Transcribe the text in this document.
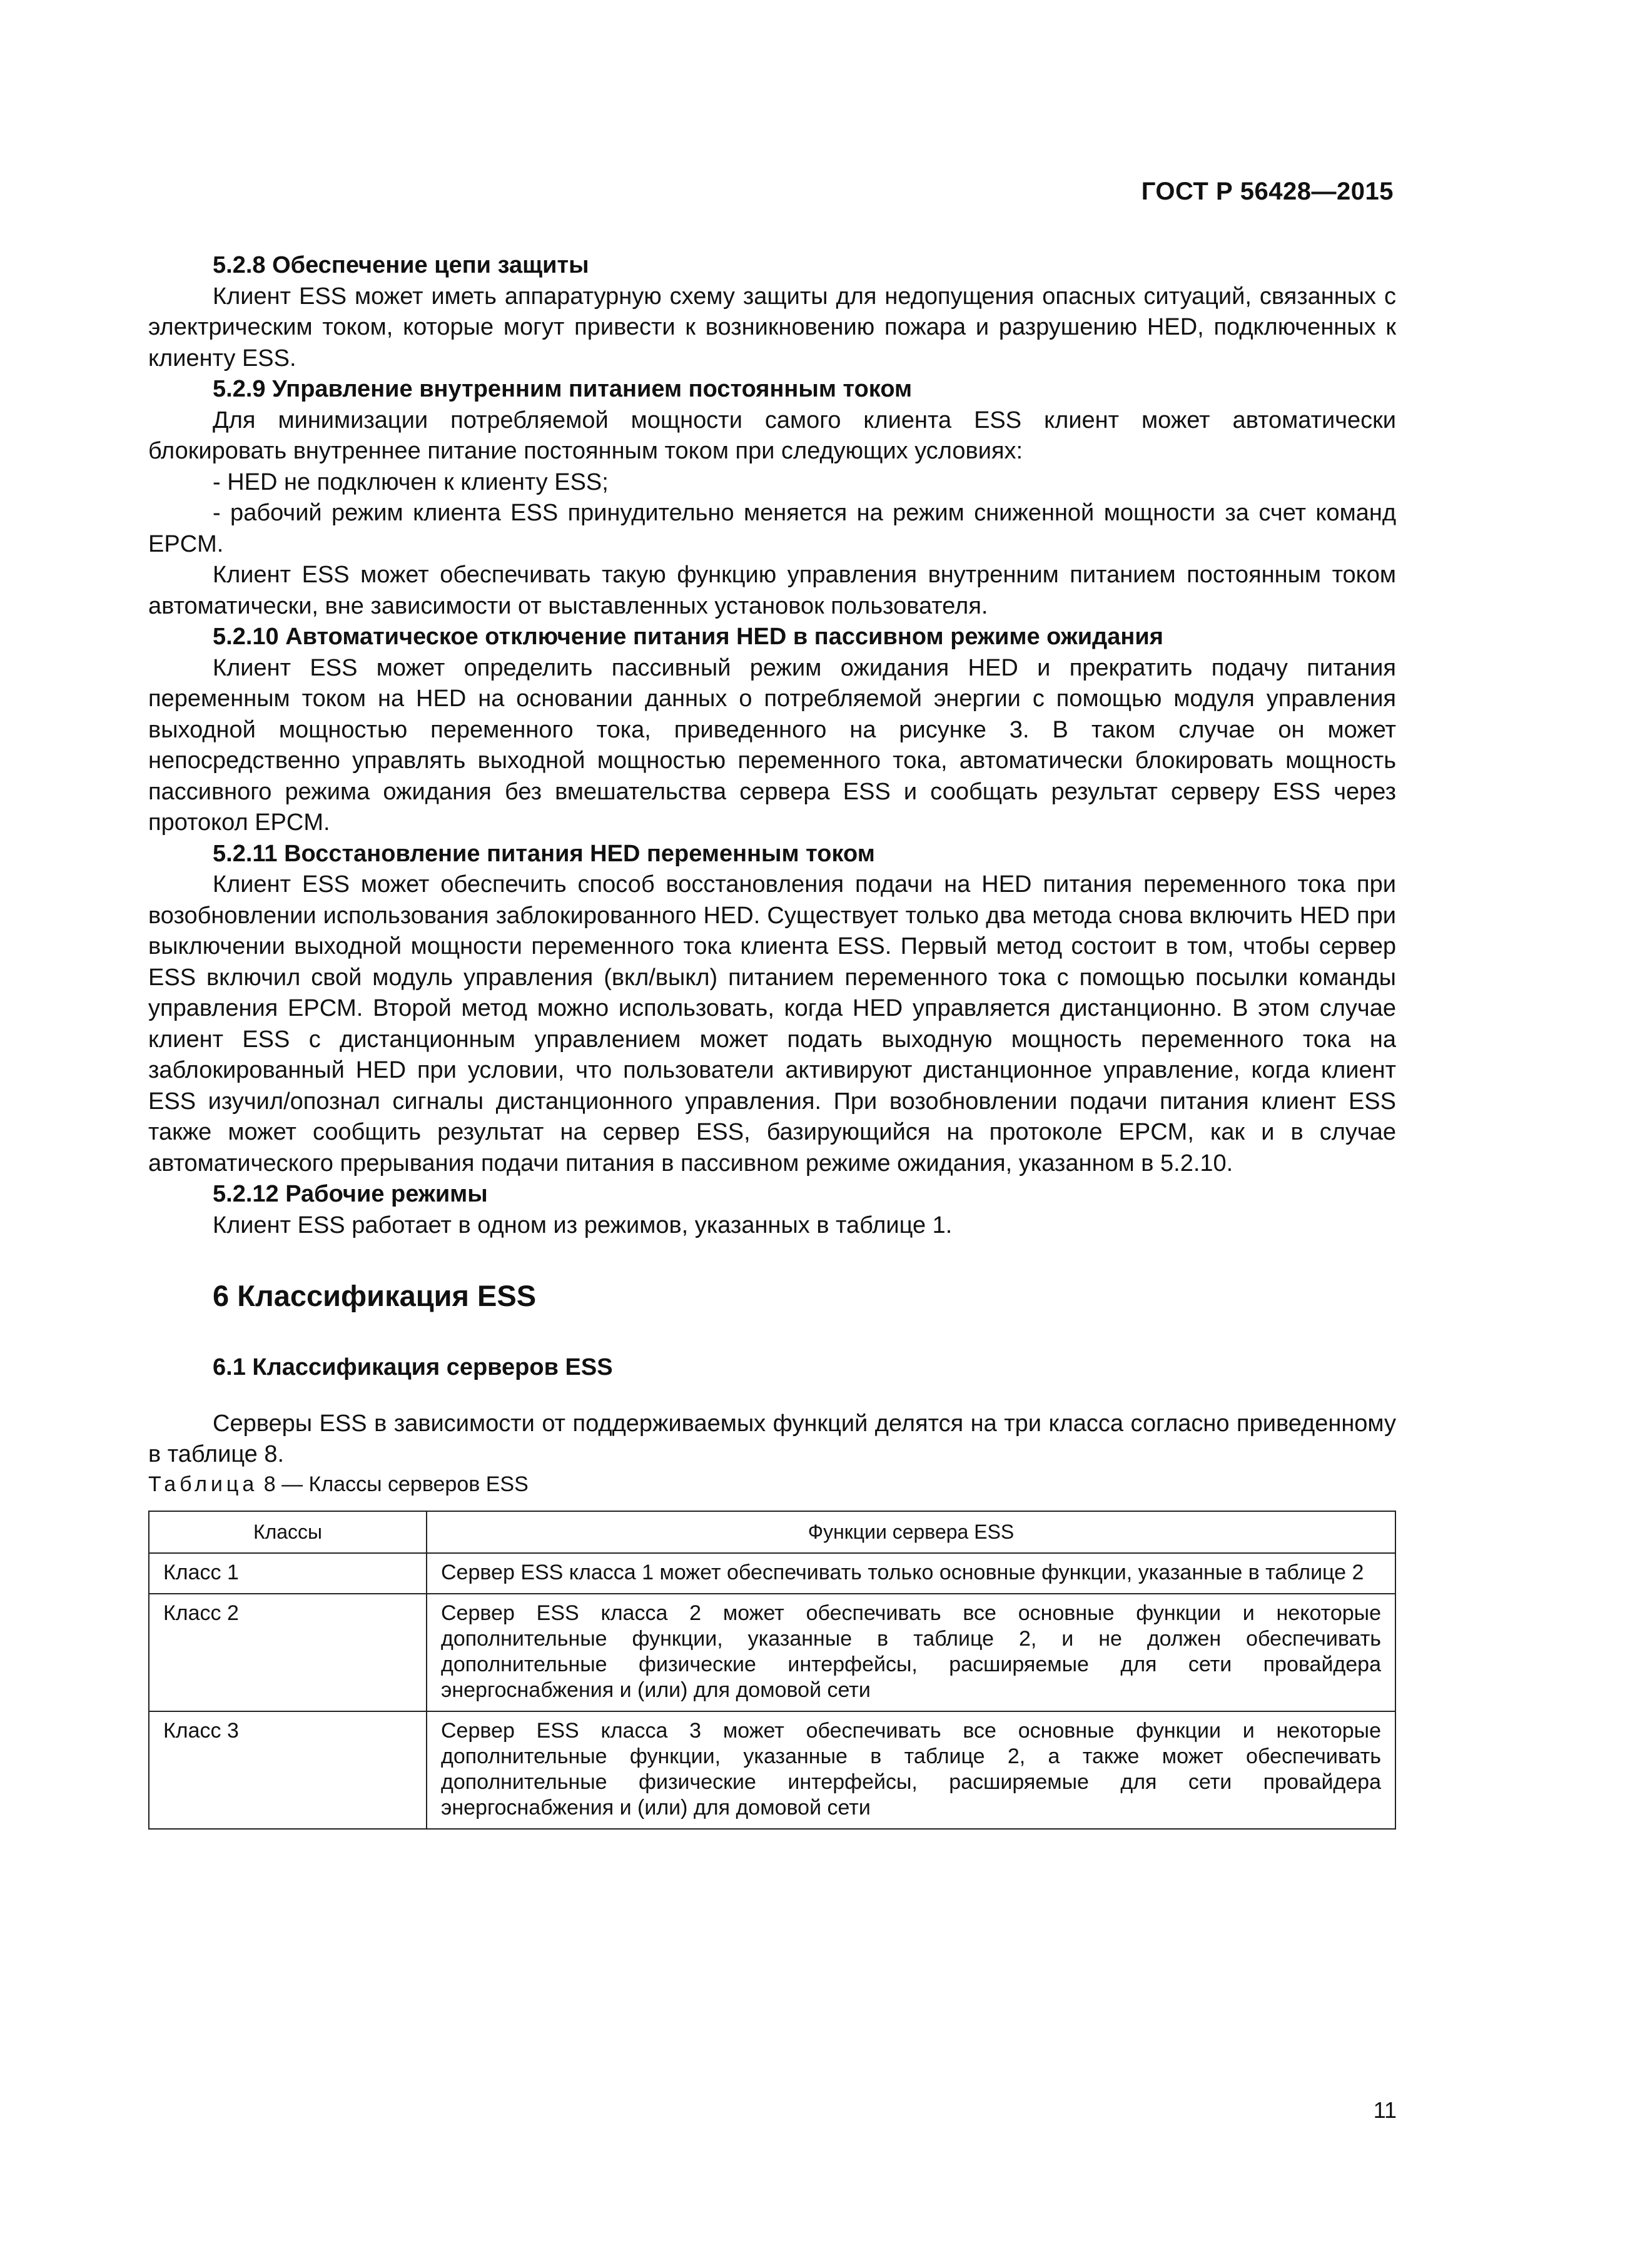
ГОСТ Р 56428—2015

5.2.8 Обеспечение цепи защиты

Клиент ESS может иметь аппаратурную схему защиты для недопущения опасных ситуаций, связанных с электрическим током, которые могут привести к возникновению пожара и разрушению HED, подключенных к клиенту ESS.

5.2.9 Управление внутренним питанием постоянным током

Для минимизации потребляемой мощности самого клиента ESS клиент может автоматически блокировать внутреннее питание постоянным током при следующих условиях:

- HED не подключен к клиенту ESS;

- рабочий режим клиента ESS принудительно меняется на режим сниженной мощности за счет команд EPCM.

Клиент ESS может обеспечивать такую функцию управления внутренним питанием постоянным током автоматически, вне зависимости от выставленных установок пользователя.

5.2.10 Автоматическое отключение питания HED в пассивном режиме ожидания

Клиент ESS может определить пассивный режим ожидания HED и прекратить подачу питания переменным током на HED на основании данных о потребляемой энергии с помощью модуля управления выходной мощностью переменного тока, приведенного на рисунке 3. В таком случае он может непосредственно управлять выходной мощностью переменного тока, автоматически блокировать мощность пассивного режима ожидания без вмешательства сервера ESS и сообщать результат серверу ESS через протокол EPCM.

5.2.11 Восстановление питания HED переменным током

Клиент ESS может обеспечить способ восстановления подачи на HED питания переменного тока при возобновлении использования заблокированного HED. Существует только два метода снова включить HED при выключении выходной мощности переменного тока клиента ESS. Первый метод состоит в том, чтобы сервер ESS включил свой модуль управления (вкл/выкл) питанием переменного тока с помощью посылки команды управления EPCM. Второй метод можно использовать, когда HED управляется дистанционно. В этом случае клиент ESS с дистанционным управлением может подать выходную мощность переменного тока на заблокированный HED при условии, что пользователи активируют дистанционное управление, когда клиент ESS изучил/опознал сигналы дистанционного управления. При возобновлении подачи питания клиент ESS также может сообщить результат на сервер ESS, базирующийся на протоколе EPCM, как и в случае автоматического прерывания подачи питания в пассивном режиме ожидания, указанном в 5.2.10.

5.2.12 Рабочие режимы

Клиент ESS работает в одном из режимов, указанных в таблице 1.

6 Классификация ESS
6.1 Классификация серверов ESS

Серверы ESS в зависимости от поддерживаемых функций делятся на три класса согласно приведенному в таблице 8.

Таблица 8 — Классы серверов ESS

Классы	Функции сервера ESS
Класс 1	Сервер ESS класса 1 может обеспечивать только основные функции, указанные в таблице 2
Класс 2	Сервер ESS класса 2 может обеспечивать все основные функции и некоторые дополнительные функции, указанные в таблице 2, и не должен обеспечивать дополнительные физические интерфейсы, расширяемые для сети провайдера энергоснабжения и (или) для домовой сети
Класс 3	Сервер ESS класса 3 может обеспечивать все основные функции и некоторые дополнительные функции, указанные в таблице 2, а также может обеспечивать дополнительные физические интерфейсы, расширяемые для сети провайдера энергоснабжения и (или) для домовой сети
11
